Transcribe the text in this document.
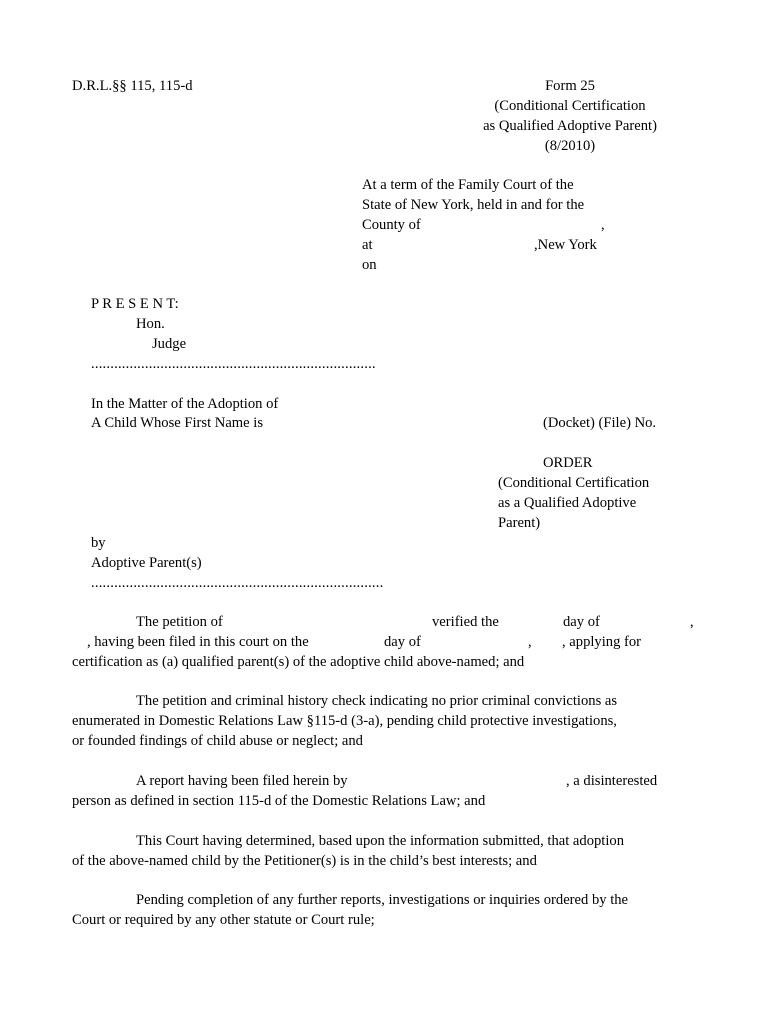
D.R.L.§§ 115, 115-d	Form 25
(Conditional Certification
as Qualified Adoptive Parent)
(8/2010)
At a term of the Family Court of the
State of New York, held in and for the
County of	,
at	,New York
on
P R E S E N T:
Hon.
Judge
..........................................................................
In the Matter of the Adoption of
A Child Whose First Name is	(Docket) (File) No.
ORDER
(Conditional Certification
as a Qualified Adoptive
Parent)
by
Adoptive Parent(s)
............................................................................
The petition of	verified the	day of	,
, having been filed in this court on the	day of	, , applying for
certification as (a) qualified parent(s) of the adoptive child above-named; and
The petition and criminal history check indicating no prior criminal convictions as
enumerated in Domestic Relations Law §115-d (3-a), pending child protective investigations,
or founded findings of child abuse or neglect; and
A report having been filed herein by	, a disinterested
person as defined in section 115-d of the Domestic Relations Law; and
This Court having determined, based upon the information submitted, that adoption
of the above-named child by the Petitioner(s) is in the child’s best interests; and
Pending completion of any further reports, investigations or inquiries ordered by the
Court or required by any other statute or Court rule;
